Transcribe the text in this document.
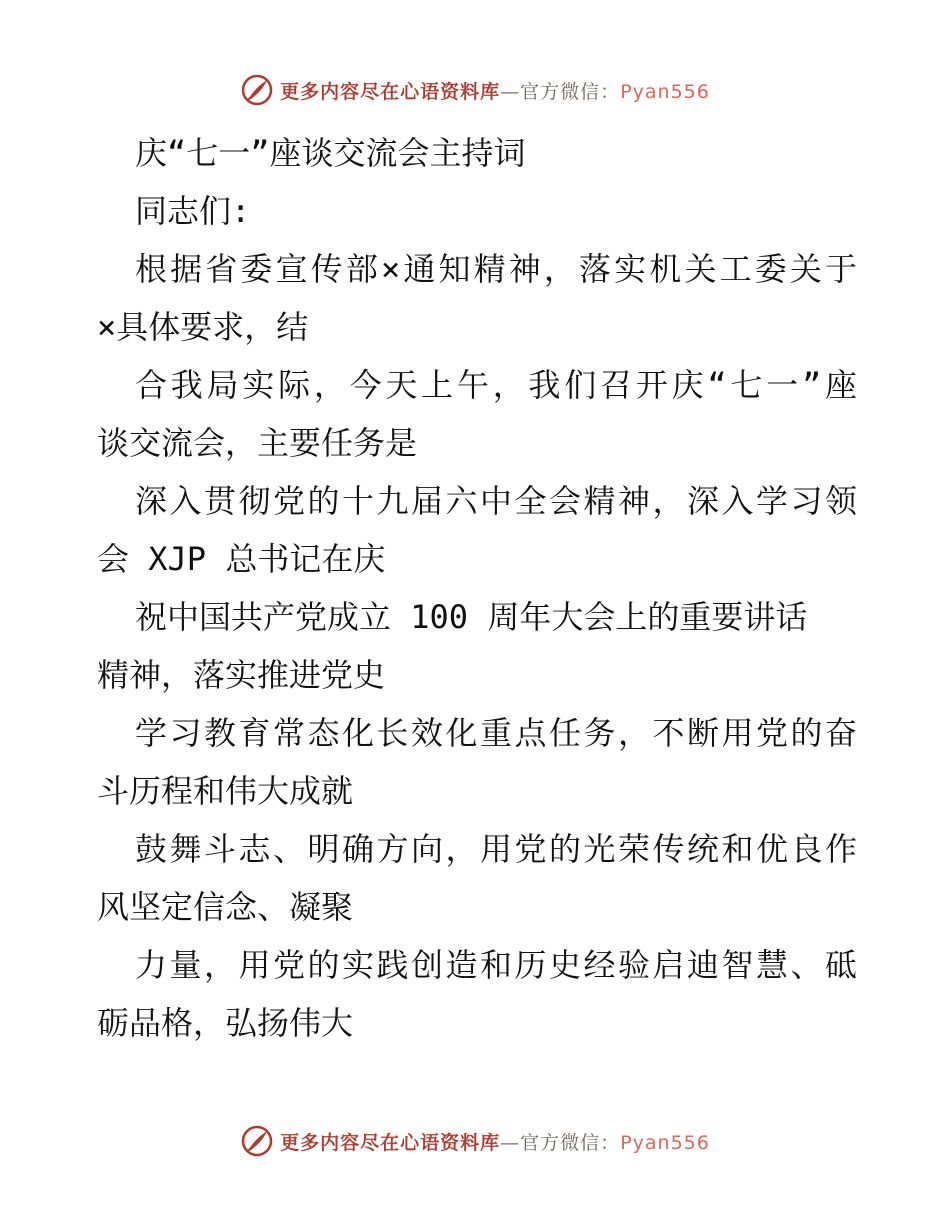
更多内容尽在心语资料库—官方微信：Pyan556
庆“七一”座谈交流会主持词
同志们:
根据省委宣传部×通知精神，落实机关工委关于
×具体要求，结
合我局实际，今天上午，我们召开庆“七一”座
谈交流会，主要任务是
深入贯彻党的十九届六中全会精神，深入学习领
会 XJP 总书记在庆
祝中国共产党成立 100 周年大会上的重要讲话
精神，落实推进党史
学习教育常态化长效化重点任务，不断用党的奋
斗历程和伟大成就
鼓舞斗志、明确方向，用党的光荣传统和优良作
风坚定信念、凝聚
力量，用党的实践创造和历史经验启迪智慧、砥
砺品格，弘扬伟大
更多内容尽在心语资料库—官方微信：Pyan556
